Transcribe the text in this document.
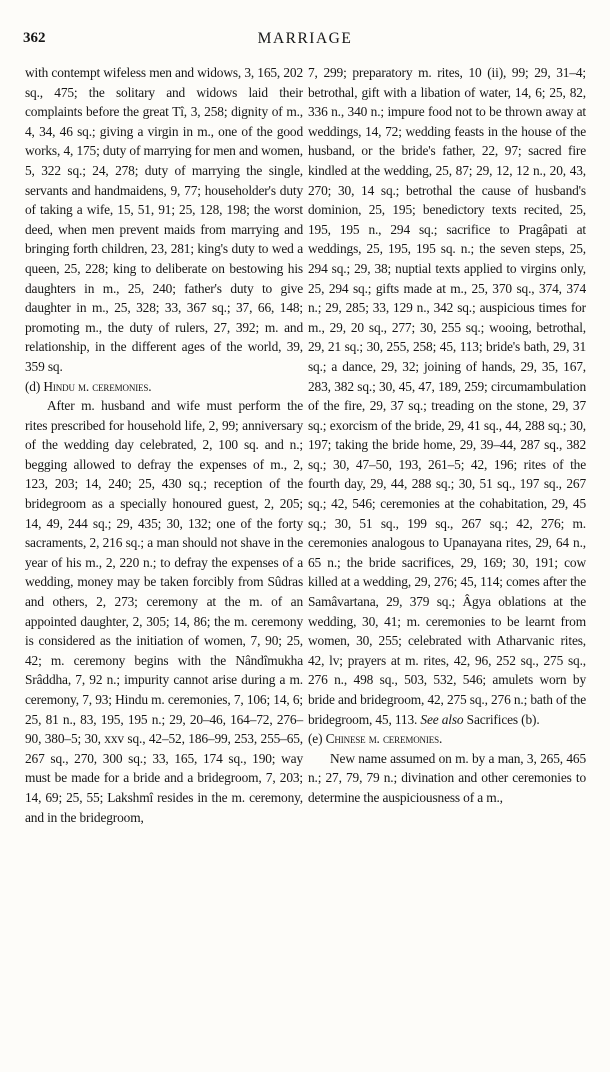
362	MARRIAGE

with contempt wifeless men and widows, 3, 165, 202 sq., 475; the solitary and widows laid their complaints before the great Tî, 3, 258; dignity of m., 4, 34, 46 sq.; giving a virgin in m., one of the good works, 4, 175; duty of marrying for men and women, 5, 322 sq.; 24, 278; duty of marrying the single, servants and handmaidens, 9, 77; householder's duty of taking a wife, 15, 51, 91; 25, 128, 198; the worst deed, when men prevent maids from marrying and bringing forth children, 23, 281; king's duty to wed a queen, 25, 228; king to deliberate on bestowing his daughters in m., 25, 240; father's duty to give daughter in m., 25, 328; 33, 367 sq.; 37, 66, 148; promoting m., the duty of rulers, 27, 392; m. and relationship, in the different ages of the world, 39, 359 sq.

(d) Hindu m. ceremonies.

After m. husband and wife must perform the rites prescribed for household life, 2, 99; anniversary of the wedding day celebrated, 2, 100 sq. and n.; begging allowed to defray the expenses of m., 2, 123, 203; 14, 240; 25, 430 sq.; reception of the bridegroom as a specially honoured guest, 2, 205; 14, 49, 244 sq.; 29, 435; 30, 132; one of the forty sacraments, 2, 216 sq.; a man should not shave in the year of his m., 2, 220 n.; to defray the expenses of a wedding, money may be taken forcibly from Sûdras and others, 2, 273; ceremony at the m. of an appointed daughter, 2, 305; 14, 86; the m. ceremony is considered as the initiation of women, 7, 90; 25, 42; m. ceremony begins with the Nândîmukha Srâddha, 7, 92 n.; impurity cannot arise during a m. ceremony, 7, 93; Hindu m. ceremonies, 7, 106; 14, 6; 25, 81 n., 83, 195, 195 n.; 29, 20–46, 164–72, 276–90, 380–5; 30, xxv sq., 42–52, 186–99, 253, 255–65, 267 sq., 270, 300 sq.; 33, 165, 174 sq., 190; way must be made for a bride and a bridegroom, 7, 203; 14, 69; 25, 55; Lakshmî resides in the m. ceremony, and in the bridegroom,

7, 299; preparatory m. rites, 10 (ii), 99; 29, 31–4; betrothal, gift with a libation of water, 14, 6; 25, 82, 336 n., 340 n.; impure food not to be thrown away at weddings, 14, 72; wedding feasts in the house of the husband, or the bride's father, 22, 97; sacred fire kindled at the wedding, 25, 87; 29, 12, 12 n., 20, 43, 270; 30, 14 sq.; betrothal the cause of husband's dominion, 25, 195; benedictory texts recited, 25, 195, 195 n., 294 sq.; sacrifice to Pragâpati at weddings, 25, 195, 195 sq. n.; the seven steps, 25, 294 sq.; 29, 38; nuptial texts applied to virgins only, 25, 294 sq.; gifts made at m., 25, 370 sq., 374, 374 n.; 29, 285; 33, 129 n., 342 sq.; auspicious times for m., 29, 20 sq., 277; 30, 255 sq.; wooing, betrothal, 29, 21 sq.; 30, 255, 258; 45, 113; bride's bath, 29, 31 sq.; a dance, 29, 32; joining of hands, 29, 35, 167, 283, 382 sq.; 30, 45, 47, 189, 259; circumambulation of the fire, 29, 37 sq.; treading on the stone, 29, 37 sq.; exorcism of the bride, 29, 41 sq., 44, 288 sq.; 30, 197; taking the bride home, 29, 39–44, 287 sq., 382 sq.; 30, 47–50, 193, 261–5; 42, 196; rites of the fourth day, 29, 44, 288 sq.; 30, 51 sq., 197 sq., 267 sq.; 42, 546; ceremonies at the cohabitation, 29, 45 sq.; 30, 51 sq., 199 sq., 267 sq.; 42, 276; m. ceremonies analogous to Upanayana rites, 29, 64 n., 65 n.; the bride sacrifices, 29, 169; 30, 191; cow killed at a wedding, 29, 276; 45, 114; comes after the Samâvartana, 29, 379 sq.; Âgya oblations at the wedding, 30, 41; m. ceremonies to be learnt from women, 30, 255; celebrated with Atharvanic rites, 42, lv; prayers at m. rites, 42, 96, 252 sq., 275 sq., 276 n., 498 sq., 503, 532, 546; amulets worn by bride and bridegroom, 42, 275 sq., 276 n.; bath of the bridegroom, 45, 113. See also Sacrifices (b).

(e) Chinese m. ceremonies.

New name assumed on m. by a man, 3, 265, 465 n.; 27, 79, 79 n.; divination and other ceremonies to determine the auspiciousness of a m.,
